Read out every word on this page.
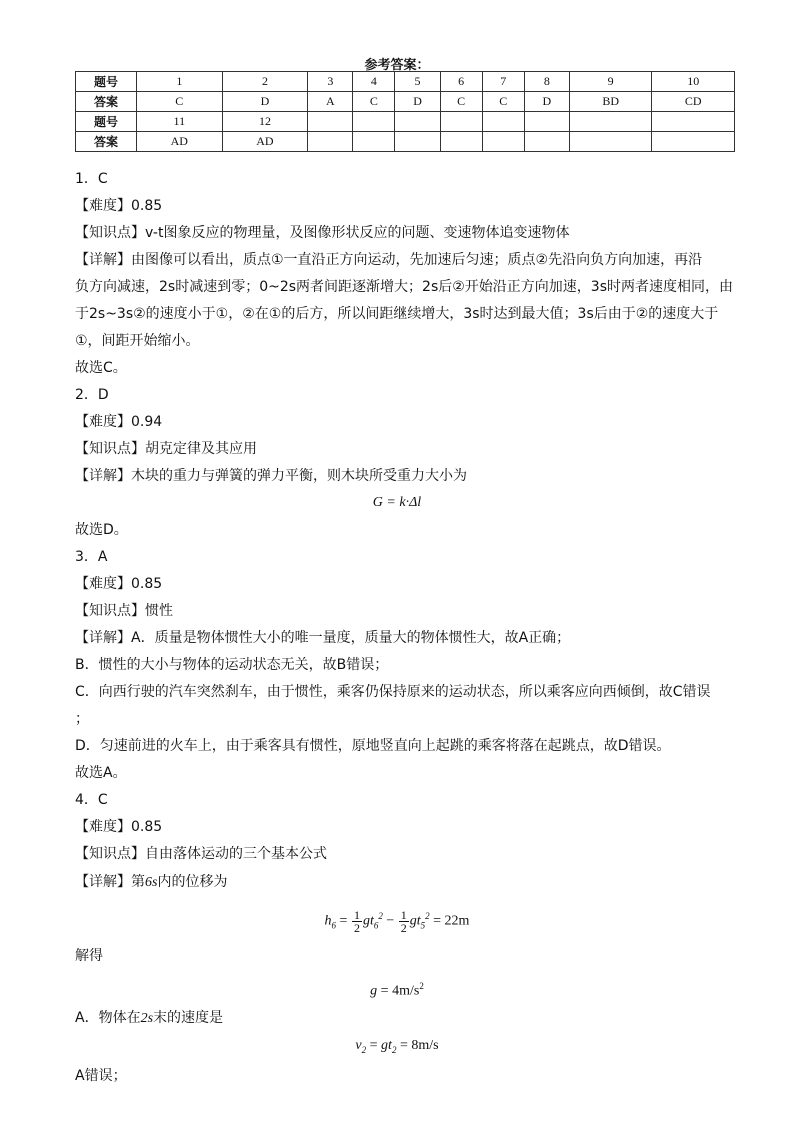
参考答案：
题号	1	2	3	4	5	6	7	8	9	10
答案	C	D	A	C	D	C	C	D	BD	CD
题号	11	12								
答案	AD	AD								
1．C
【难度】0.85
【知识点】v-t图象反应的物理量，及图像形状反应的问题、变速物体追变速物体
【详解】由图像可以看出，质点①一直沿正方向运动，先加速后匀速；质点②先沿向负方向加速，再沿
负方向减速，2s时减速到零；0~2s两者间距逐渐增大；2s后②开始沿正方向加速，3s时两者速度相同，由
于2s~3s②的速度小于①，②在①的后方，所以间距继续增大，3s时达到最大值；3s后由于②的速度大于
①，间距开始缩小。
故选C。
2．D
【难度】0.94
【知识点】胡克定律及其应用
【详解】木块的重力与弹簧的弹力平衡，则木块所受重力大小为
G = k·Δl
故选D。
3．A
【难度】0.85
【知识点】惯性
【详解】A．质量是物体惯性大小的唯一量度，质量大的物体惯性大，故A正确；
B．惯性的大小与物体的运动状态无关，故B错误；
C．向西行驶的汽车突然刹车，由于惯性，乘客仍保持原来的运动状态，所以乘客应向西倾倒，故C错误
；
D．匀速前进的火车上，由于乘客具有惯性，原地竖直向上起跳的乘客将落在起跳点，故D错误。
故选A。
4．C
【难度】0.85
【知识点】自由落体运动的三个基本公式
【详解】第6s内的位移为
$h_6 = \frac{1}{2} gt_6^2 - \frac{1}{2} gt_5^2 = 22m$
解得
$g = 4m/s^2$
A．物体在2s末的速度是
$v_2 = gt_2 = 8m/s$
A错误；
